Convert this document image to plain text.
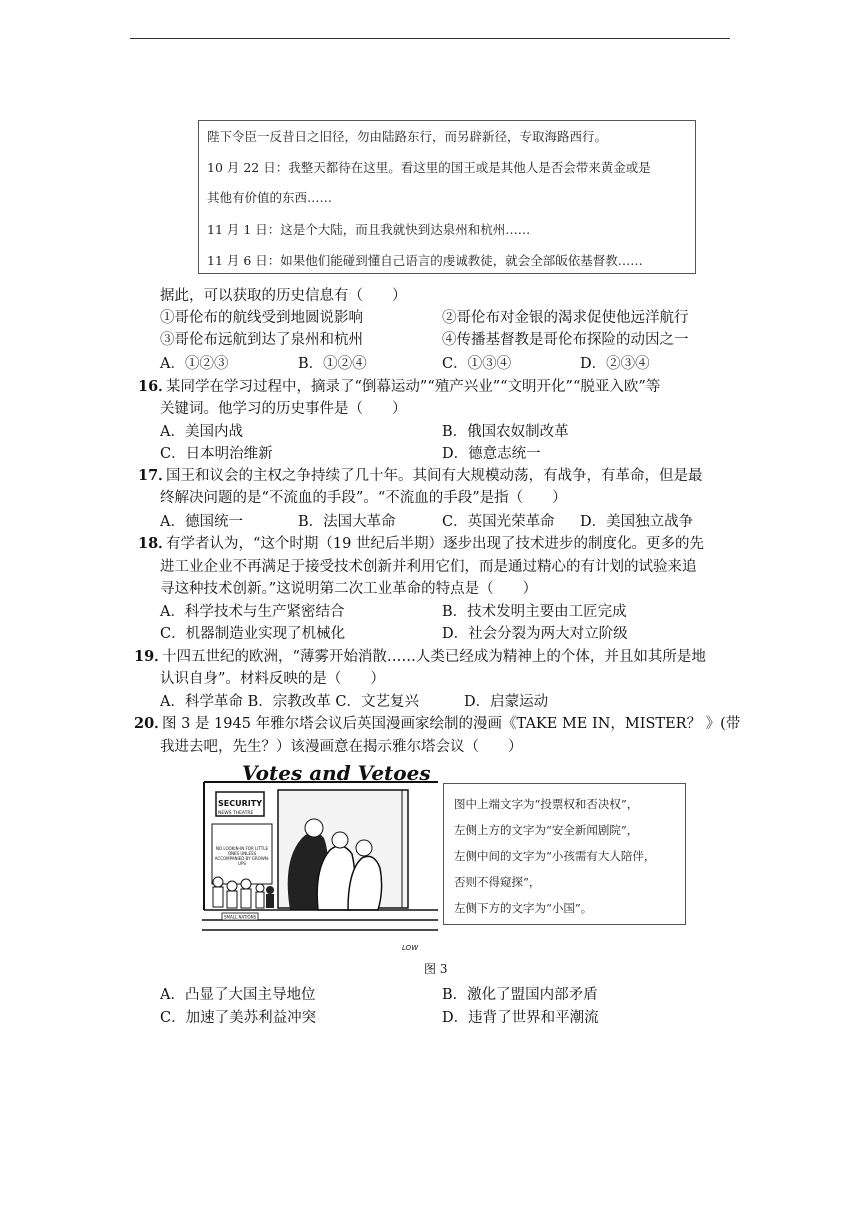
陛下令臣一反昔日之旧径，勿由陆路东行，而另辟新径，专取海路西行。
10 月 22 日：我整天都待在这里。看这里的国王或是其他人是否会带来黄金或是
其他有价值的东西……
11 月 1 日：这是个大陆，而且我就快到达泉州和杭州……
11 月 6 日：如果他们能碰到懂自己语言的虔诚教徒，就会全部皈依基督教……
据此，可以获取的历史信息有（　　）
①哥伦布的航线受到地圆说影响	②哥伦布对金银的渴求促使他远洋航行
③哥伦布远航到达了泉州和杭州	④传播基督教是哥伦布探险的动因之一
A．①②③	B．①②④	C．①③④	D．②③④
16．
某同学在学习过程中，摘录了“倒幕运动”“殖产兴业”“文明开化”“脱亚入欧”等
关键词。他学习的历史事件是（　　）
A．美国内战	B．俄国农奴制改革
C．日本明治维新	D．德意志统一
17．
国王和议会的主权之争持续了几十年。其间有大规模动荡，有战争，有革命，但是最
终解决问题的是“不流血的手段”。“不流血的手段”是指（　　）
A．德国统一	B．法国大革命	C．英国光荣革命 D．美国独立战争
18．
有学者认为，“这个时期（19 世纪后半期）逐步出现了技术进步的制度化。更多的先
进工业企业不再满足于接受技术创新并利用它们，而是通过精心的有计划的试验来追
寻这种技术创新。”这说明第二次工业革命的特点是（　　）
A．科学技术与生产紧密结合	B．技术发明主要由工匠完成
C．机器制造业实现了机械化	D．社会分裂为两大对立阶级
19．
十四五世纪的欧洲，“薄雾开始消散……人类已经成为精神上的个体，并且如其所是地
认识自身”。材料反映的是（　　）
A．科学革命 B．宗教改革 C．文艺复兴	D．启蒙运动
20．
图 3 是 1945 年雅尔塔会议后英国漫画家绘制的漫画《TAKE ME IN，MISTER？ 》(带
我进去吧，先生？）该漫画意在揭示雅尔塔会议（　　）
Votes and Vetoes
SECURITY
NEWS THEATRE
NO LOOKIN-IN FOR LITTLE ONES UNLESS ACCOMPANIED BY GROWN-UPS
SMALL NATIONS
LOW
图中上端文字为“投票权和否决权”，
左侧上方的文字为“安全新闻剧院”，
左侧中间的文字为“小孩需有大人陪伴，
否则不得窥探”，
左侧下方的文字为“小国”。
图 3
A．凸显了大国主导地位	B．激化了盟国内部矛盾
C．加速了美苏利益冲突	D．违背了世界和平潮流
